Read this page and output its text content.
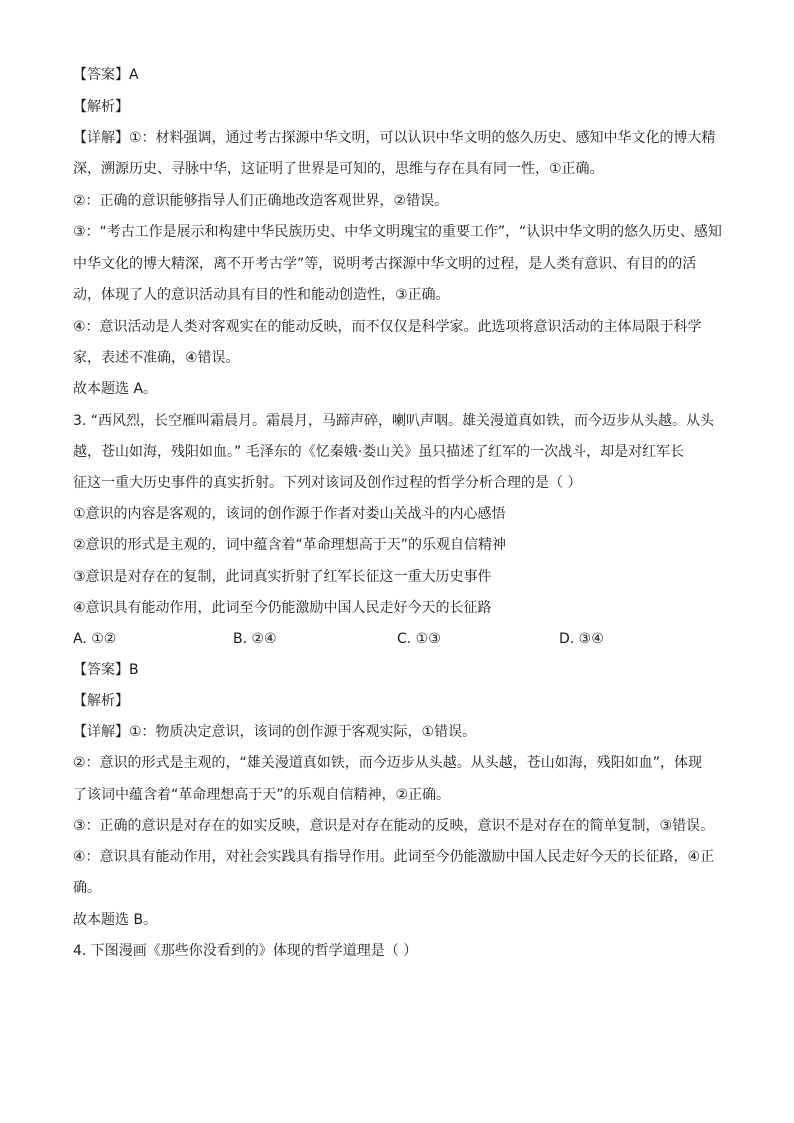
【答案】A
【解析】
【详解】①：材料强调，通过考古探源中华文明，可以认识中华文明的悠久历史、感知中华文化的博大精
深，溯源历史、寻脉中华，这证明了世界是可知的，思维与存在具有同一性，①正确。
②：正确的意识能够指导人们正确地改造客观世界，②错误。
③：“考古工作是展示和构建中华民族历史、中华文明瑰宝的重要工作”，“认识中华文明的悠久历史、感知
中华文化的博大精深，离不开考古学”等，说明考古探源中华文明的过程，是人类有意识、有目的的活
动，体现了人的意识活动具有目的性和能动创造性，③正确。
④：意识活动是人类对客观实在的能动反映，而不仅仅是科学家。此选项将意识活动的主体局限于科学
家，表述不准确，④错误。
故本题选 A。
3. “西风烈，长空雁叫霜晨月。霜晨月，马蹄声碎，喇叭声咽。雄关漫道真如铁，而今迈步从头越。从头
越，苍山如海，残阳如血。” 毛泽东的《忆秦娥·娄山关》虽只描述了红军的一次战斗，却是对红军长
征这一重大历史事件的真实折射。下列对该词及创作过程的哲学分析合理的是（ ）
①意识的内容是客观的，该词的创作源于作者对娄山关战斗的内心感悟
②意识的形式是主观的，词中蕴含着“革命理想高于天”的乐观自信精神
③意识是对存在的复制，此词真实折射了红军长征这一重大历史事件
④意识具有能动作用，此词至今仍能激励中国人民走好今天的长征路
A. ①②	B. ②④	C. ①③	D. ③④
【答案】B
【解析】
【详解】①：物质决定意识，该词的创作源于客观实际，①错误。
②：意识的形式是主观的，“雄关漫道真如铁，而今迈步从头越。从头越，苍山如海，残阳如血”，体现
了该词中蕴含着“革命理想高于天”的乐观自信精神，②正确。
③：正确的意识是对存在的如实反映，意识是对存在能动的反映，意识不是对存在的简单复制，③错误。
④：意识具有能动作用，对社会实践具有指导作用。此词至今仍能激励中国人民走好今天的长征路，④正
确。
故本题选 B。
4. 下图漫画《那些你没看到的》体现的哲学道理是（ ）
